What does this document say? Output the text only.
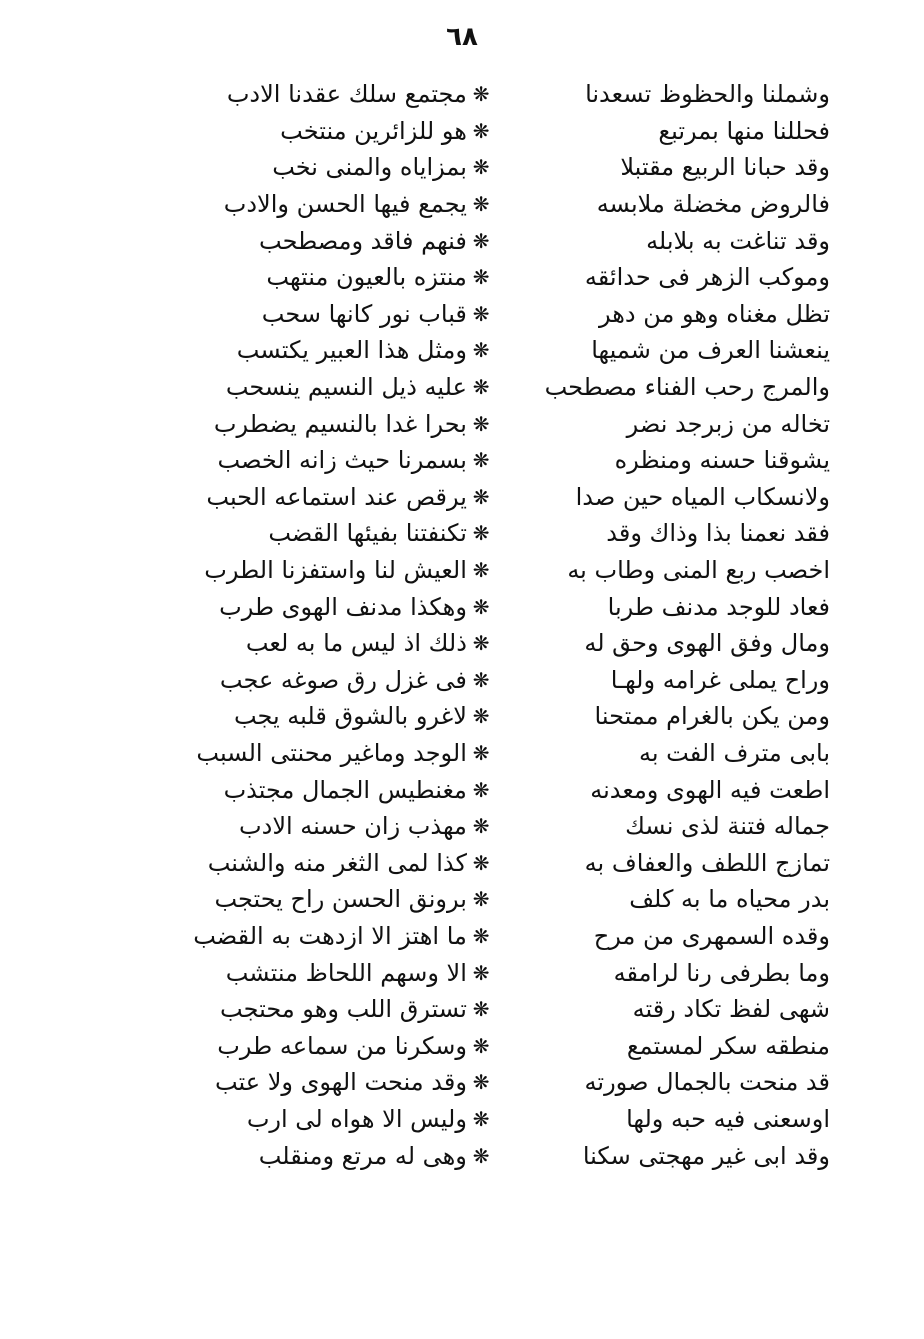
٦٨
وشملنا والحظوظ تسعدنا
❋
مجتمع سلك عقدنا الادب
فحللنا منها بمرتبع
❋
هو للزائرين منتخب
وقد حبانا الربيع مقتبلا
❋
بمزاياه والمنى نخب
فالروض مخضلة ملابسه
❋
يجمع فيها الحسن والادب
وقد تناغت به بلابله
❋
فنهم فاقد ومصطحب
وموكب الزهر فى حدائقه
❋
منتزه بالعيون منتهب
تظل مغناه وهو من دهر
❋
قباب نور كانها سحب
ينعشنا العرف من شميها
❋
ومثل هذا العبير يكتسب
والمرج رحب الفناء مصطحب
❋
عليه ذيل النسيم ينسحب
تخاله من زبرجد نضر
❋
بحرا غدا بالنسيم يضطرب
يشوقنا حسنه ومنظره
❋
بسمرنا حيث زانه الخصب
ولانسكاب المياه حين صدا
❋
يرقص عند استماعه الحبب
فقد نعمنا بذا وذاك وقد
❋
تكنفتنا بفيئها القضب
اخصب ربع المنى وطاب به
❋
العيش لنا واستفزنا الطرب
فعاد للوجد مدنف طربا
❋
وهكذا مدنف الهوى طرب
ومال وفق الهوى وحق له
❋
ذلك اذ ليس ما به لعب
وراح يملى غرامه ولهـا
❋
فى غزل رق صوغه عجب
ومن يكن بالغرام ممتحنا
❋
لاغرو بالشوق قلبه يجب
بابى مترف الفت به
❋
الوجد وماغير محنتى السبب
اطعت فيه الهوى ومعدنه
❋
مغنطيس الجمال مجتذب
جماله فتنة لذى نسك
❋
مهذب زان حسنه الادب
تمازج اللطف والعفاف به
❋
كذا لمى الثغر منه والشنب
بدر محياه ما به كلف
❋
برونق الحسن راح يحتجب
وقده السمهرى من مرح
❋
ما اهتز الا ازدهت به القضب
وما بطرفى رنا لرامقه
❋
الا وسهم اللحاظ منتشب
شهى لفظ تكاد رقته
❋
تسترق اللب وهو محتجب
منطقه سكر لمستمع
❋
وسكرنا من سماعه طرب
قد منحت بالجمال صورته
❋
وقد منحت الهوى ولا عتب
اوسعنى فيه حبه ولها
❋
وليس الا هواه لى ارب
وقد ابى غير مهجتى سكنا
❋
وهى له مرتع ومنقلب
